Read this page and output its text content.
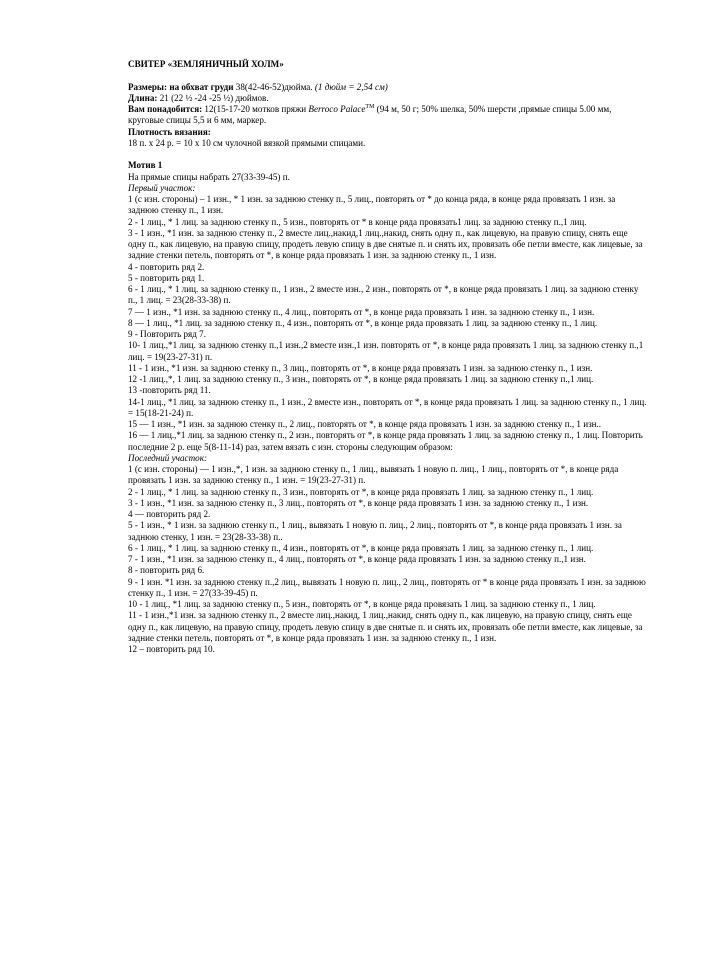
СВИТЕР «ЗЕМЛЯНИЧНЫЙ ХОЛМ»

Размеры: на обхват груди 38(42-46-52)дюйма. (1 дюйм = 2,54 см)

Длина: 21 (22 ½ -24 -25 ½) дюймов.

Вам понадобится: 12(15-17-20 мотков пряжи Berroco Palace™ (94 м, 50 г; 50% шелка, 50% шерсти ,прямые спицы 5.00 мм, круговые спицы 5,5 и 6 мм, маркер.

Плотность вязания:

18 п. х 24 р. = 10 х 10 см чулочной вязкой прямыми спицами.

Мотив 1

На прямые спицы набрать 27(33-39-45) п.

Первый участок:

1 (с изн. стороны) – 1 изн., * 1 изн. за заднюю стенку п., 5 лиц., повторять от * до конца ряда, в конце ряда провязать 1 изн. за заднюю стенку п., 1 изн.

2 - 1 лиц., * 1 лиц. за заднюю стенку п., 5 изн., повторять от * в конце ряда провязать1 лиц. за заднюю стенку п.,1 лиц.

3 - 1 изн., *1 изн. за заднюю стенку п., 2 вместе лиц.,накид,1 лиц.,накид, снять одну п., как лицевую, на правую спицу, снять еще одну п., как лицевую, на правую спицу, продеть левую спицу в две снятые п. и снять их, провязать обе петли вместе, как лицевые, за задние стенки петель, повторять от *, в конце ряда провязать 1 изн. за заднюю стенку п., 1 изн.

4 - повторить ряд 2.

5 - повторить ряд 1.

6 - 1 лиц., * 1 лиц. за заднюю стенку п., 1 изн., 2 вместе изн., 2 изн., повторять от *, в конце ряда провязать 1 лиц. за заднюю стенку п., 1 лиц. = 23(28-33-38) п.

7 — 1 изн., *1 изн. за заднюю стенку п., 4 лиц., повторять от *, в конце ряда провязать 1 изн. за заднюю стенку п., 1 изн.

8 — 1 лиц., *1 лиц. за заднюю стенку п., 4 изн., повторять от *, в конце ряда провязать 1 лиц. за заднюю стенку п., 1 лиц.

9 - Повторить ряд 7.

10- 1 лиц.,*1 лиц. за заднюю стенку п.,1 изн.,2 вместе изн.,1 изн. повторять от *, в конце ряда провязать 1 лиц. за заднюю стенку п.,1 лиц. = 19(23-27-31) п.

11 - 1 изн., *1 изн. за заднюю стенку п., 3 лиц., повторять от *, в конце ряда провязать 1 изн. за заднюю стенку п., 1 изн.

12 -1 лиц.,*, 1 лиц. за заднюю стенку п., 3 изн., повторять от *, в конце ряда провязать 1 лиц. за заднюю стенку п.,1 лиц.

13 -повторить ряд 11.

14-1 лиц., *1 лиц. за заднюю стенку п., 1 изн., 2 вместе изн., повторять от *, в конце ряда провязать 1 лиц. за заднюю стенку п., 1 лиц. = 15(18-21-24) п.

15 — 1 изн., *1 изн. за заднюю стенку п., 2 лиц., повторять от *, в конце ряда провязать 1 изн. за заднюю стенку п., 1 изн..

16 — 1 лиц.,*1 лиц. за заднюю стенку п., 2 изн., повторять от *, в конце ряда провязать 1 лиц. за заднюю стенку п., 1 лиц. Повторить последние 2 р. еще 5(8-11-14) раз, затем вязать с изн. стороны следующим образом:

Последний участок:

1 (с изн. стороны) — 1 изн.,*, 1 изн. за заднюю стенку п., 1 лиц., вывязать 1 новую п. лиц., 1 лиц., повторять от *, в конце ряда провязать 1 изн. за заднюю стенку п., 1 изн. = 19(23-27-31) п.

2 - 1 лиц., * 1 лиц. за заднюю стенку п., 3 изн., повторять от *, в конце ряда провязать 1 лиц. за заднюю стенку п., 1 лиц.

3 - 1 изн., *1 изн. за заднюю стенку п., 3 лиц., повторять от *, в конце ряда провязать 1 изн. за заднюю стенку п., 1 изн.

4 — повторить ряд 2.

5 - 1 изн., * 1 изн. за заднюю стенку п., 1 лиц., вывязать 1 новую п. лиц., 2 лиц., повторять от *, в конце ряда провязать 1 изн. за заднюю стенку, 1 изн. = 23(28-33-38) п..

6 - 1 лиц., * 1 лиц. за заднюю стенку п., 4 изн., повторять от *, в конце ряда провязать 1 лиц. за заднюю стенку п., 1 лиц.

7 - 1 изн., *1 изн. за заднюю стенку п., 4 лиц., повторять от *, в конце ряда провязать 1 изн. за заднюю стенку п.,1 изн.

8 - повторить ряд 6.

9 - 1 изн. *1 изн. за заднюю стенку п.,2 лиц., вывязать 1 новую п. лиц., 2 лиц., повторять от * в конце ряда провязать 1 изн. за заднюю стенку п., 1 изн. = 27(33-39-45) п.

10 - 1 лиц., *1 лиц. за заднюю стенку п., 5 изн., повторять от *, в конце ряда провязать 1 лиц. за заднюю стенку п., 1 лиц.

11 - 1 изн.,*1 изн. за заднюю стенку п., 2 вместе лиц.,накид, 1 лиц.,накид, снять одну п., как лицевую, на правую спицу, снять еще одну п., как лицевую, на правую спицу, продеть левую спицу в две снятые п. и снять их, провязать обе петли вместе, как лицевые, за задние стенки петель, повторять от *, в конце ряда провязать 1 изн. за заднюю стенку п., 1 изн.

12 – повторить ряд 10.
